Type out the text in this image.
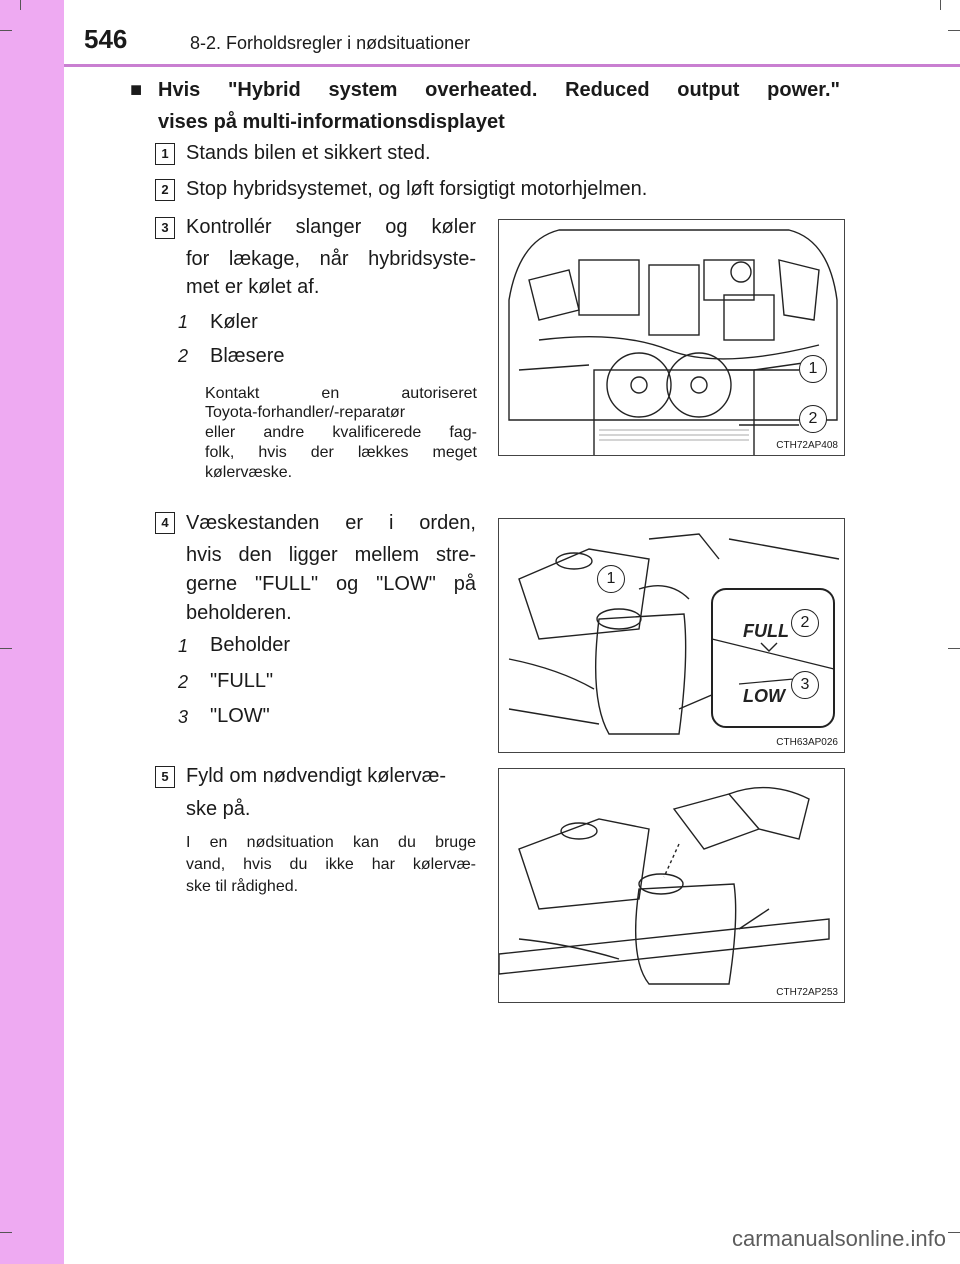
546	8-2. Forholdsregler i nødsituationer
■ Hvis "Hybrid system overheated. Reduced output power."
vises på multi-informationsdisplayet
1 Stands bilen et sikkert sted.
2 Stop hybridsystemet, og løft forsigtigt motorhjelmen.
3 Kontrollér slanger og køler
for lækage, når hybridsyste-
met er kølet af.
1 Køler
2 Blæsere
Kontakt en autoriseret
Toyota-forhandler/-reparatør
eller andre kvalificerede fag-
folk, hvis der lækkes meget
kølervæske.
1
2
CTH72AP408
4 Væskestanden er i orden,
hvis den ligger mellem stre-
gerne "FULL" og "LOW" på
beholderen.
1 Beholder
2 "FULL"
3 "LOW"
FULL
LOW
1
2
3
CTH63AP026
5 Fyld om nødvendigt kølervæ-
ske på.
I en nødsituation kan du bruge
vand, hvis du ikke har kølervæ-
ske til rådighed.
CTH72AP253
carmanualsonline.info
